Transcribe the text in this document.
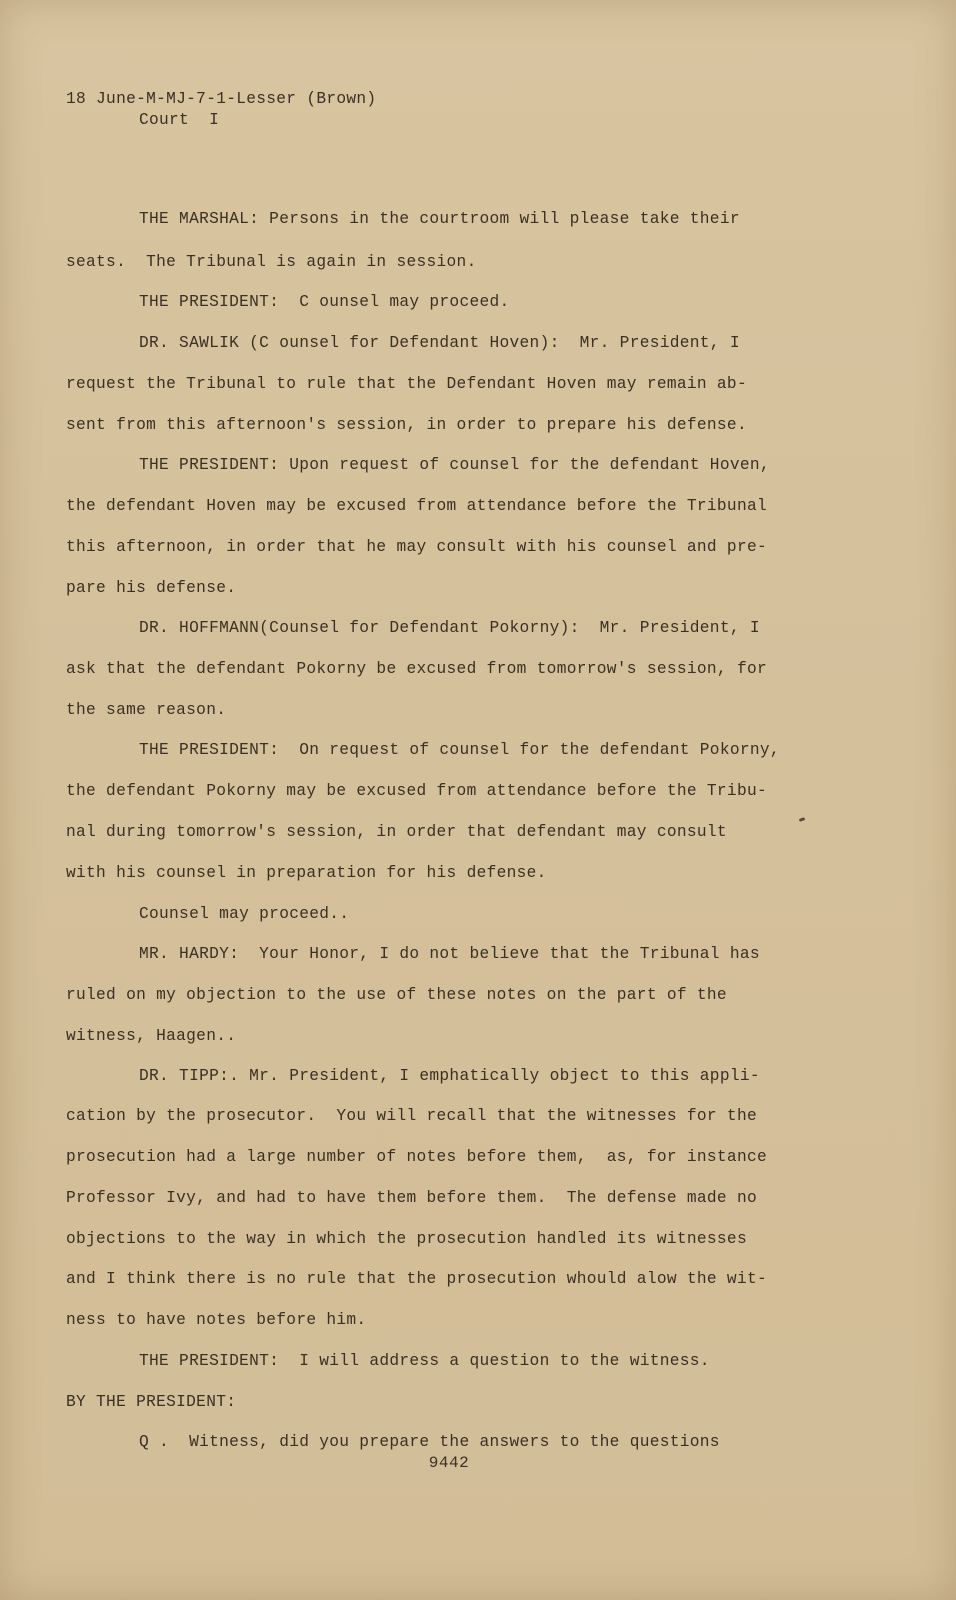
18 June-M-MJ-7-1-Lesser (Brown)
Court  I
THE MARSHAL: Persons in the courtroom will please take their
seats.  The Tribunal is again in session.
THE PRESIDENT:  C ounsel may proceed.
DR. SAWLIK (C ounsel for Defendant Hoven):  Mr. President, I
request the Tribunal to rule that the Defendant Hoven may remain ab-
sent from this afternoon's session, in order to prepare his defense.
THE PRESIDENT: Upon request of counsel for the defendant Hoven,
the defendant Hoven may be excused from attendance before the Tribunal
this afternoon, in order that he may consult with his counsel and pre-
pare his defense.
DR. HOFFMANN(Counsel for Defendant Pokorny):  Mr. President, I
ask that the defendant Pokorny be excused from tomorrow's session, for
the same reason.
THE PRESIDENT:  On request of counsel for the defendant Pokorny,
the defendant Pokorny may be excused from attendance before the Tribu-
nal during tomorrow's session, in order that defendant may consult
with his counsel in preparation for his defense.
Counsel may proceed..
MR. HARDY:  Your Honor, I do not believe that the Tribunal has
ruled on my objection to the use of these notes on the part of the
witness, Haagen..
DR. TIPP:. Mr. President, I emphatically object to this appli-
cation by the prosecutor.  You will recall that the witnesses for the
prosecution had a large number of notes before them,  as, for instance
Professor Ivy, and had to have them before them.  The defense made no
objections to the way in which the prosecution handled its witnesses
and I think there is no rule that the prosecution whould alow the wit-
ness to have notes before him.
THE PRESIDENT:  I will address a question to the witness.
BY THE PRESIDENT:
Q .  Witness, did you prepare the answers to the questions
9442
